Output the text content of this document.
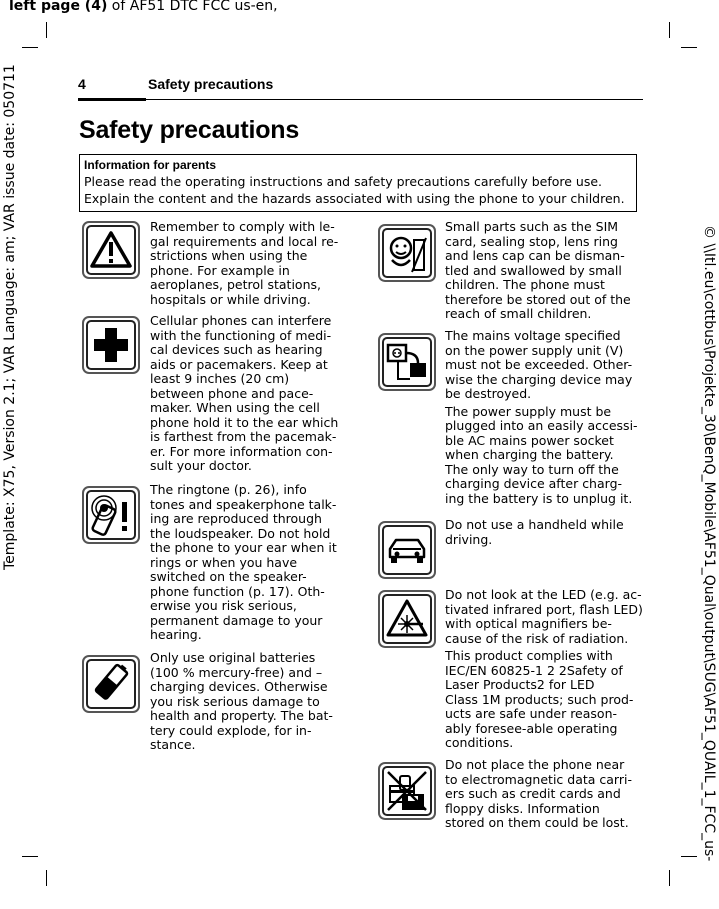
left page (4) of AF51 DTC FCC us-en,
Template: X75, Version 2.1; VAR Language: am; VAR issue date: 050711	© \\Itl.eu\cottbus\Projekte_30\BenQ_Mobile\AF51_Qual\output\SUG\AF51_QUAIL_1_FCC_us-
4	Safety precautions
Safety precautions
Information for parents
Please read the operating instructions and safety precautions carefully before use.
Explain the content and the hazards associated with using the phone to your children.

Remember to comply with le-
gal requirements and local re-
strictions when using the
phone. For example in
aeroplanes, petrol stations,
hospitals or while driving.

Cellular phones can interfere
with the functioning of medi-
cal devices such as hearing
aids or pacemakers. Keep at
least 9 inches (20 cm)
between phone and pace-
maker. When using the cell
phone hold it to the ear which
is farthest from the pacemak-
er. For more information con-
sult your doctor.

The ringtone (p. 26), info
tones and speakerphone talk-
ing are reproduced through
the loudspeaker. Do not hold
the phone to your ear when it
rings or when you have
switched on the speaker-
phone function (p. 17). Oth-
erwise you risk serious,
permanent damage to your
hearing.

Only use original batteries
(100 % mercury-free) and –
charging devices. Otherwise
you risk serious damage to
health and property. The bat-
tery could explode, for in-
stance.

Small parts such as the SIM
card, sealing stop, lens ring
and lens cap can be disman-
tled and swallowed by small
children. The phone must
therefore be stored out of the
reach of small children.

The mains voltage specified
on the power supply unit (V)
must not be exceeded. Other-
wise the charging device may
be destroyed.

The power supply must be
plugged into an easily accessi-
ble AC mains power socket
when charging the battery.
The only way to turn off the
charging device after charg-
ing the battery is to unplug it.

Do not use a handheld while
driving.

Do not look at the LED (e.g. ac-
tivated infrared port, flash LED)
with optical magnifiers be-
cause of the risk of radiation.

This product complies with
IEC/EN 60825-1 2 2Safety of
Laser Products2 for LED
Class 1M products; such prod-
ucts are safe under reason-
ably foresee-able operating
conditions.

Do not place the phone near
to electromagnetic data carri-
ers such as credit cards and
floppy disks. Information
stored on them could be lost.
